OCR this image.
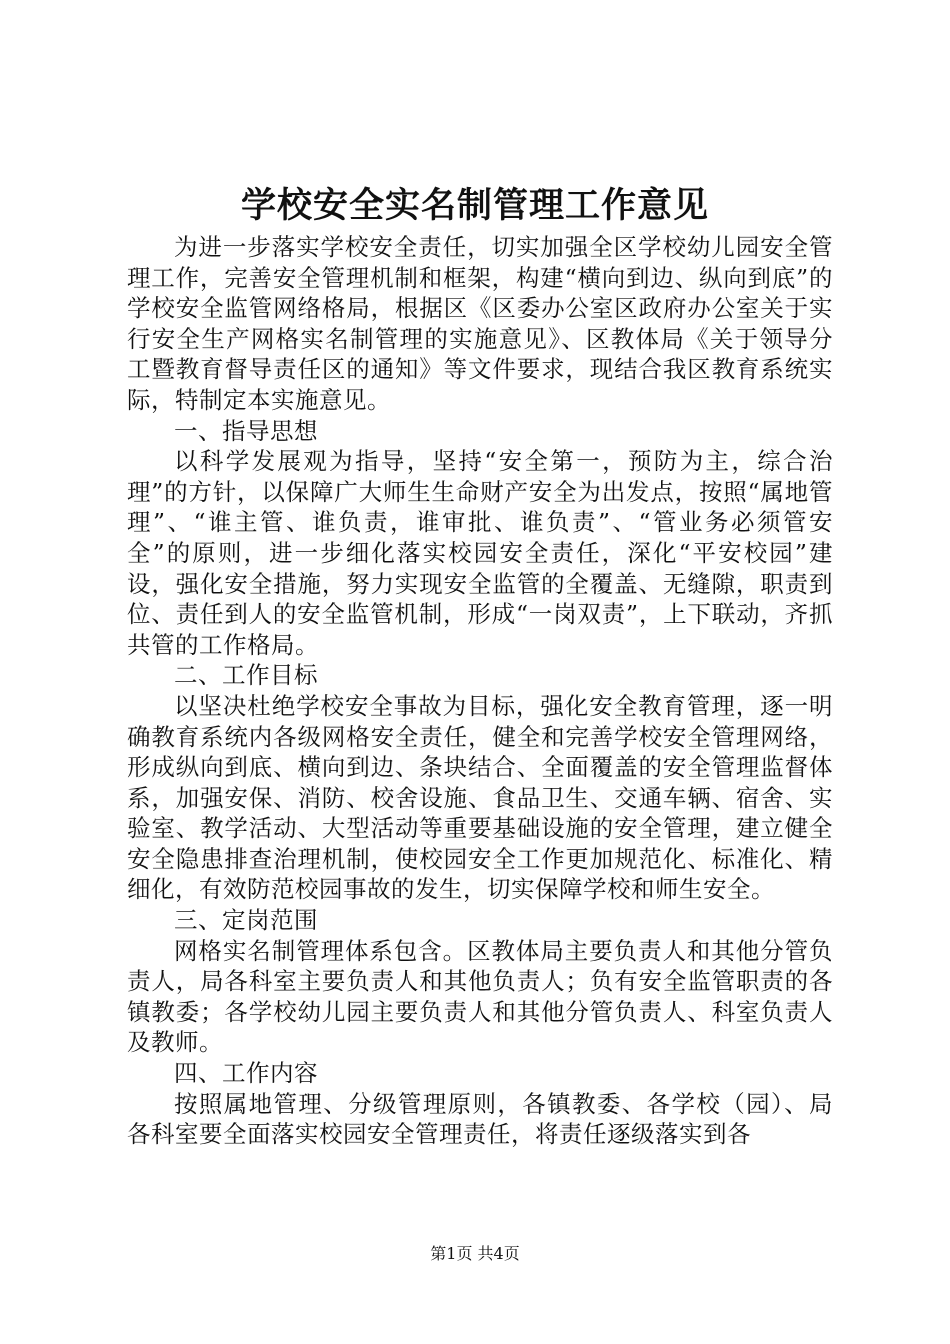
学校安全实名制管理工作意见

为进一步落实学校安全责任，切实加强全区学校幼儿园安全管理工作，完善安全管理机制和框架，构建“横向到边、纵向到底”的学校安全监管网络格局，根据区《区委办公室区政府办公室关于实行安全生产网格实名制管理的实施意见》、区教体局《关于领导分工暨教育督导责任区的通知》等文件要求，现结合我区教育系统实际，特制定本实施意见。

一、指导思想

以科学发展观为指导，坚持“安全第一，预防为主，综合治理”的方针，以保障广大师生生命财产安全为出发点，按照“属地管理”、“谁主管、谁负责，谁审批、谁负责”、“管业务必须管安全”的原则，进一步细化落实校园安全责任，深化“平安校园”建设，强化安全措施，努力实现安全监管的全覆盖、无缝隙，职责到位、责任到人的安全监管机制，形成“一岗双责”，上下联动，齐抓共管的工作格局。

二、工作目标

以坚决杜绝学校安全事故为目标，强化安全教育管理，逐一明确教育系统内各级网格安全责任，健全和完善学校安全管理网络，形成纵向到底、横向到边、条块结合、全面覆盖的安全管理监督体系，加强安保、消防、校舍设施、食品卫生、交通车辆、宿舍、实验室、教学活动、大型活动等重要基础设施的安全管理，建立健全安全隐患排查治理机制，使校园安全工作更加规范化、标准化、精细化，有效防范校园事故的发生，切实保障学校和师生安全。

三、定岗范围

网格实名制管理体系包含。区教体局主要负责人和其他分管负责人，局各科室主要负责人和其他负责人；负有安全监管职责的各镇教委；各学校幼儿园主要负责人和其他分管负责人、科室负责人及教师。

四、工作内容

按照属地管理、分级管理原则，各镇教委、各学校（园）、局各科室要全面落实校园安全管理责任，将责任逐级落实到各

第1页 共4页
